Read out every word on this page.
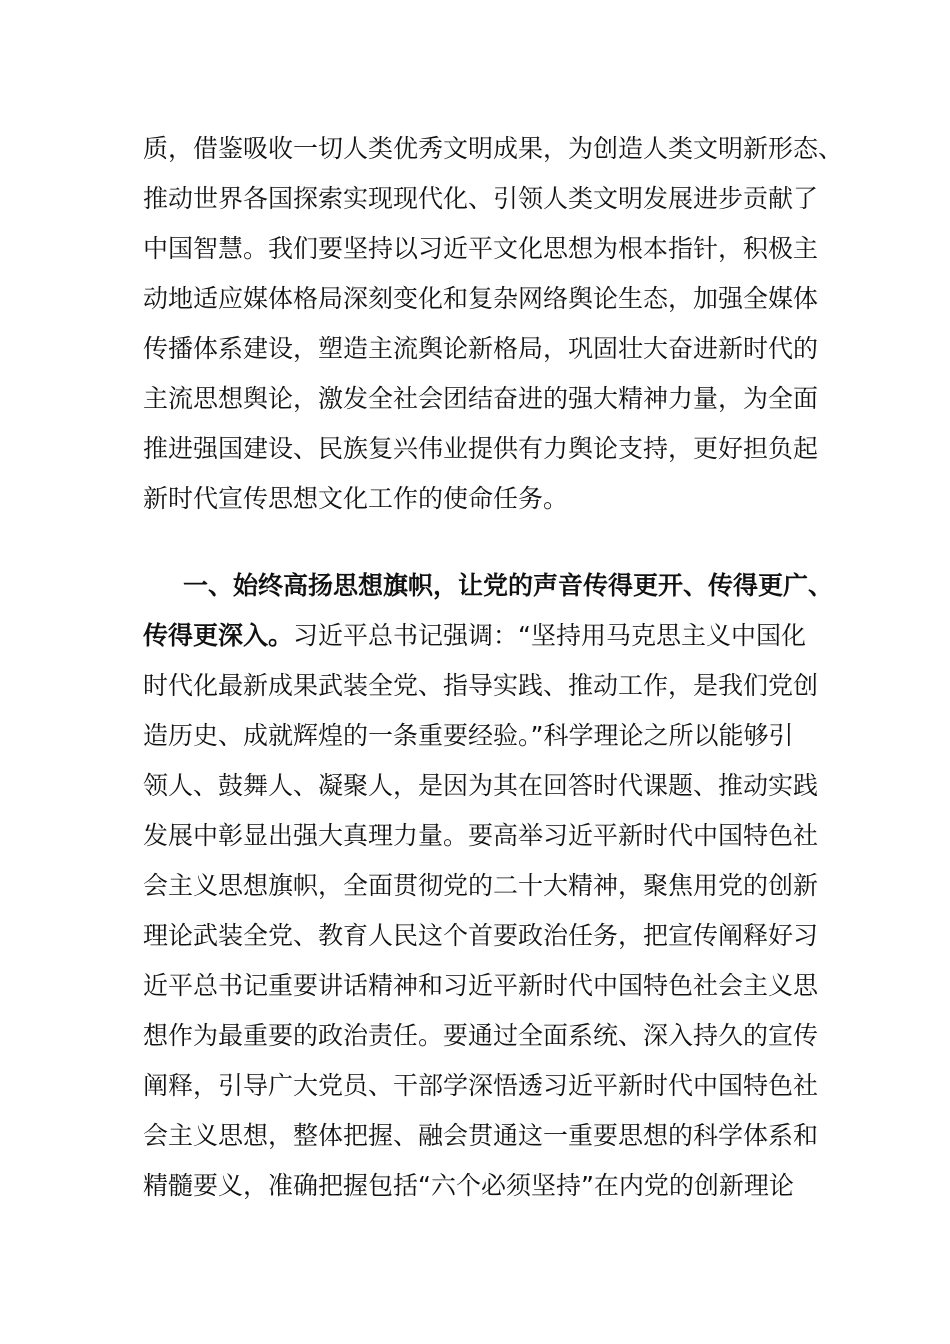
质，借鉴吸收一切人类优秀文明成果，为创造人类文明新形态、
推动世界各国探索实现现代化、引领人类文明发展进步贡献了
中国智慧。我们要坚持以习近平文化思想为根本指针，积极主
动地适应媒体格局深刻变化和复杂网络舆论生态，加强全媒体
传播体系建设，塑造主流舆论新格局，巩固壮大奋进新时代的
主流思想舆论，激发全社会团结奋进的强大精神力量，为全面
推进强国建设、民族复兴伟业提供有力舆论支持，更好担负起
新时代宣传思想文化工作的使命任务。
一、始终高扬思想旗帜，让党的声音传得更开、传得更广、
传得更深入。习近平总书记强调：“坚持用马克思主义中国化
时代化最新成果武装全党、指导实践、推动工作，是我们党创
造历史、成就辉煌的一条重要经验。”科学理论之所以能够引
领人、鼓舞人、凝聚人，是因为其在回答时代课题、推动实践
发展中彰显出强大真理力量。要高举习近平新时代中国特色社
会主义思想旗帜，全面贯彻党的二十大精神，聚焦用党的创新
理论武装全党、教育人民这个首要政治任务，把宣传阐释好习
近平总书记重要讲话精神和习近平新时代中国特色社会主义思
想作为最重要的政治责任。要通过全面系统、深入持久的宣传
阐释，引导广大党员、干部学深悟透习近平新时代中国特色社
会主义思想，整体把握、融会贯通这一重要思想的科学体系和
精髓要义，准确把握包括“六个必须坚持”在内党的创新理论
